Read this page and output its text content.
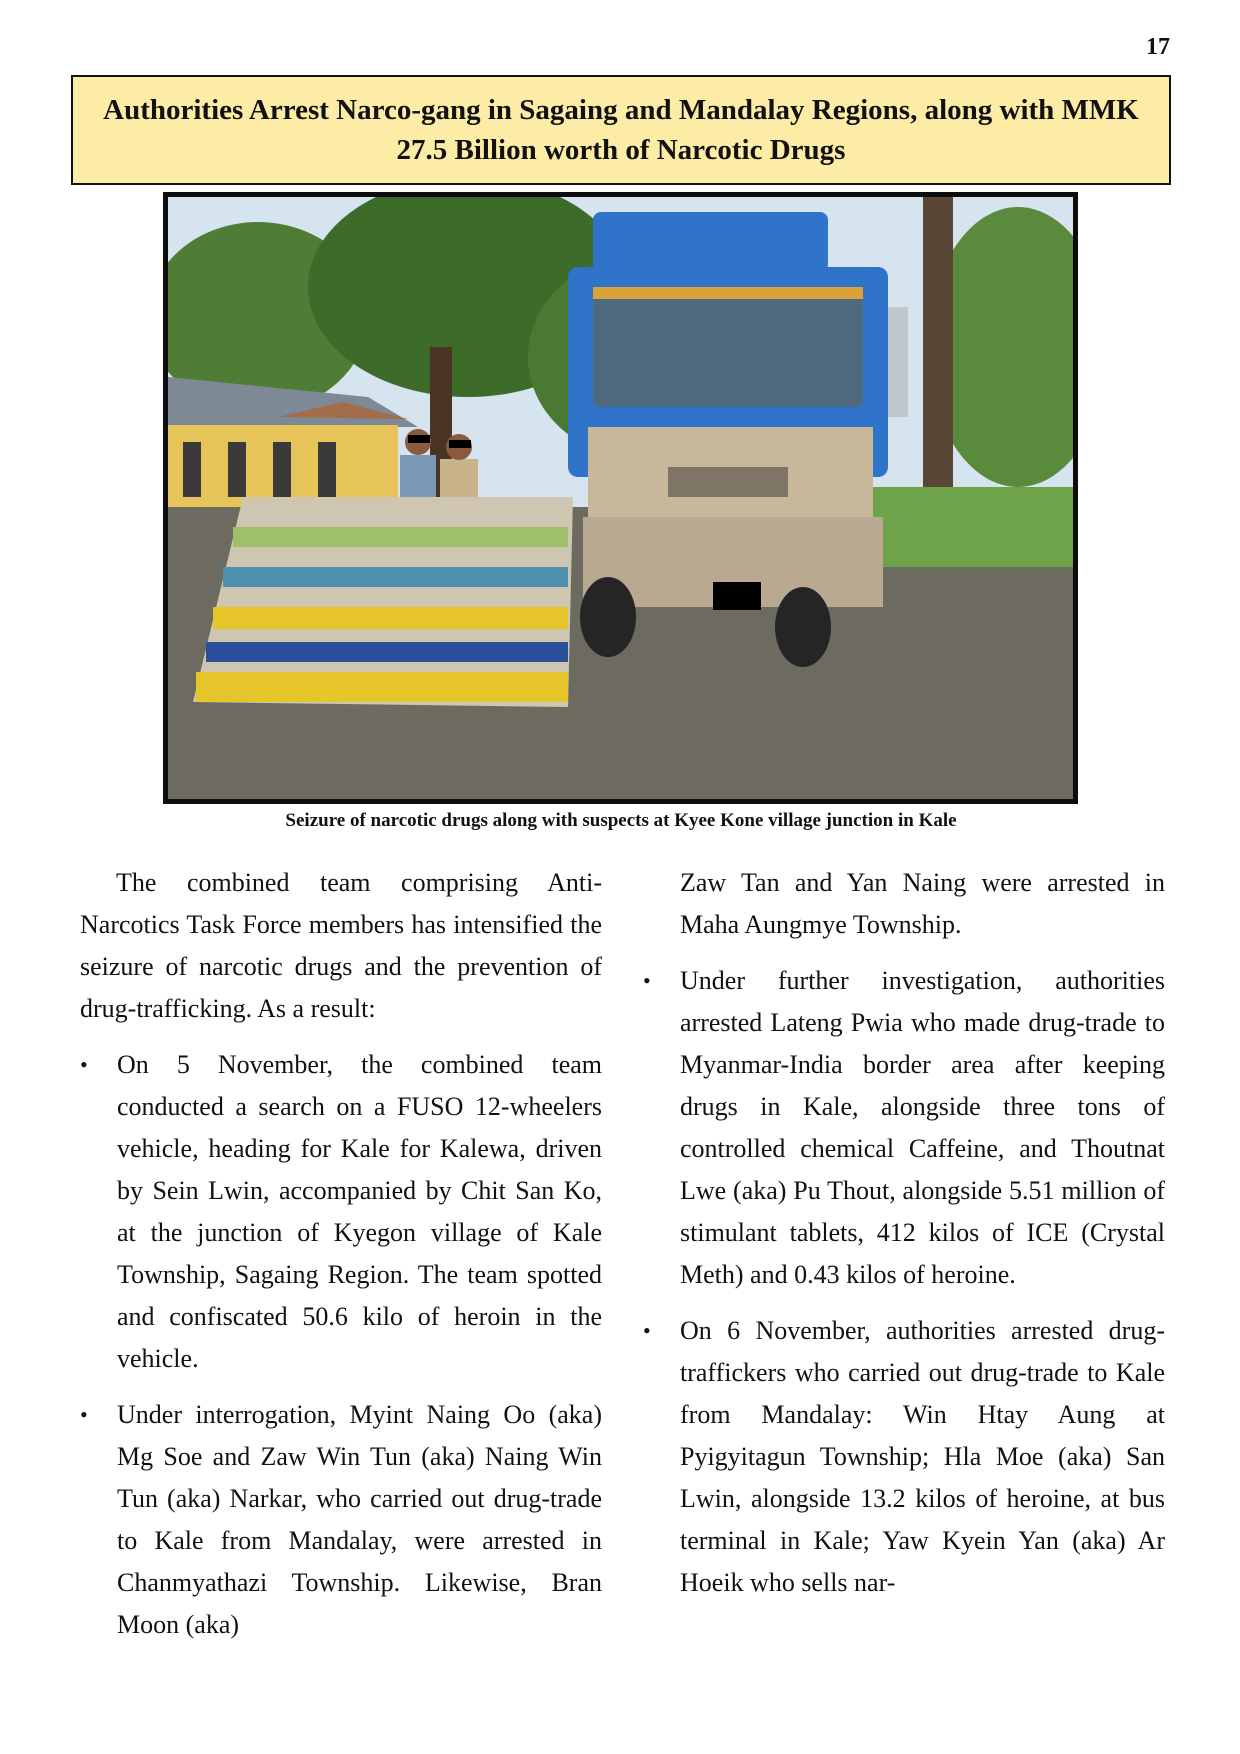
17
Authorities Arrest Narco-gang in Sagaing and Mandalay Regions, along with MMK 27.5 Billion worth of Narcotic Drugs
Seizure of narcotic drugs along with suspects at Kyee Kone village junction in Kale

The combined team comprising Anti-Narcotics Task Force members has intensified the seizure of narcotic drugs and the prevention of drug-trafficking. As a result:

• On 5 November, the combined team conducted a search on a FUSO 12-wheelers vehicle, heading for Kale for Kalewa, driven by Sein Lwin, accompanied by Chit San Ko, at the junction of Kyegon village of Kale Township, Sagaing Region. The team spotted and confiscated 50.6 kilo of heroin in the vehicle.
• Under interrogation, Myint Naing Oo (aka) Mg Soe and Zaw Win Tun (aka) Naing Win Tun (aka) Narkar, who carried out drug-trade to Kale from Mandalay, were arrested in Chanmyathazi Township. Likewise, Bran Moon (aka)

Zaw Tan and Yan Naing were arrested in Maha Aungmye Township.

• Under further investigation, authorities arrested Lateng Pwia who made drug-trade to Myanmar-India border area after keeping drugs in Kale, alongside three tons of controlled chemical Caffeine, and Thoutnat Lwe (aka) Pu Thout, alongside 5.51 million of stimulant tablets, 412 kilos of ICE (Crystal Meth) and 0.43 kilos of heroine.
• On 6 November, authorities arrested drug-traffickers who carried out drug-trade to Kale from Mandalay: Win Htay Aung at Pyigyitagun Township; Hla Moe (aka) San Lwin, alongside 13.2 kilos of heroine, at bus terminal in Kale; Yaw Kyein Yan (aka) Ar Hoeik who sells nar-
